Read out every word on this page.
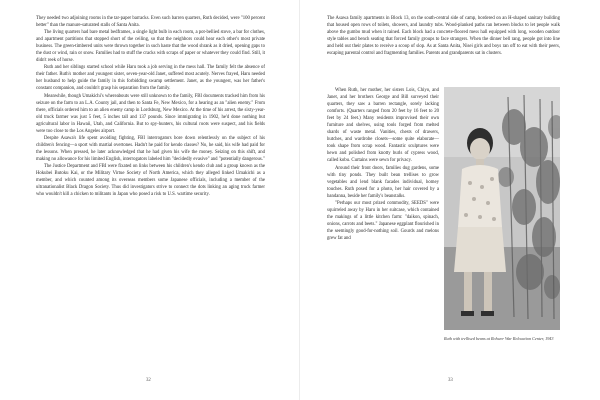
They needed two adjoining rooms in the tar-paper barracks. Even such barren quarters, Ruth decided, were "100 percent better" than the manure-saturated stalls of Santa Anita.

The living quarters had bare metal bedframes, a single light bulb in each room, a pot-bellied stove, a bar for clothes, and apartment partitions that stopped short of the ceiling, so that the neighbors could hear each other's most private business. The green-timbered units were thrown together in such haste that the wood shrank as it dried, opening gaps to the dust or wind, rain or snow. Families had to stuff the cracks with scraps of paper or whatever they could find. Still, it didn't reek of horse.

Ruth and her siblings started school while Haru took a job serving in the mess hall. The family felt the absence of their father. Ruth's mother and youngest sister, seven-year-old Janet, suffered most acutely. Nerves frayed, Haru needed her husband to help guide the family in this forbidding swamp settlement. Janet, as the youngest, was her father's constant companion, and couldn't grasp his separation from the family.

Meanwhile, though Umakichi's whereabouts were still unknown to the family, FBI documents tracked him from his seizure on the farm to an L.A. County jail, and then to Santa Fe, New Mexico, for a hearing as an "alien enemy." From there, officials ordered him to an alien enemy camp in Lordsburg, New Mexico. At the time of his arrest, the sixty-year-old truck farmer was just 5 feet, 5 inches tall and 137 pounds. Since immigrating in 1902, he'd done nothing but agricultural labor in Hawaii, Utah, and California. But to spy-hunters, his cultural roots were suspect, and his fields were too close to the Los Angeles airport.

Despite Asawa's life spent avoiding fighting, FBI interrogators bore down relentlessly on the subject of his children's fencing—a sport with martial overtones. Hadn't he paid for kendo classes? No, he said, his wife had paid for the lessons. When pressed, he later acknowledged that he had given his wife the money. Seizing on this shift, and making no allowance for his limited English, interrogators labeled him "decidedly evasive" and "potentially dangerous."

The Justice Department and FBI were fixated on links between his children's kendo club and a group known as the Hokubei Butoku Kai, or the Military Virtue Society of North America, which they alleged linked Umakichi as a member, and which counted among its overseas members some Japanese officials, including a member of the ultranationalist Black Dragon Society. Thus did investigators strive to connect the dots linking an aging truck farmer who wouldn't kill a chicken to militants in Japan who posed a risk to U.S. wartime security.

32

The Asawa family apartments in Block 13, on the south-central side of camp, bordered on an H-shaped sanitary building that housed open rows of toilets, showers, and laundry tubs. Wood-planked paths ran between blocks to let people walk above the gumbo mud when it rained. Each block had a concrete-floored mess hall equipped with long, wooden outdoor style tables and bench seating that forced family groups to face strangers. When the dinner bell rang, people got into line and held out their plates to receive a scoop of slop. As at Santa Anita, Nisei girls and boys ran off to eat with their peers, escaping parental control and fragmenting families. Parents and grandparents sat in clusters.

Ruth with trellised beans at Rohwer War Relocation Center, 1943

When Ruth, her mother, her sisters Lois, Chiyo, and Janet, and her brothers George and Bill surveyed their quarters, they saw a barren rectangle, sorely lacking comforts. (Quarters ranged from 20 feet by 16 feet to 20 feet by 24 feet.) Many residents improvised their own furniture and shelves, using tools forged from melted shards of waste metal. Vanities, chests of drawers, hutches, and wardrobe closets—some quite elaborate—took shape from scrap wood. Fantastic sculptures were hewn and polished from knotty burls of cypress wood, called kobu. Curtains were sewn for privacy.

Around their front doors, families dug gardens, some with tiny ponds. They built bean trellises to grow vegetables and lend blank facades individual, homey touches. Ruth posed for a photo, her hair covered by a bandanna, beside her family's beanstalks.

"Perhaps our most prized commodity, SEEDS" were squirreled away by Haru in her suitcase, which contained the makings of a little kitchen farm: "daikon, spinach, onions, carrots and beets." Japanese eggplant flourished in the seemingly good-for-nothing soil. Gourds and melons grew fat and

33
